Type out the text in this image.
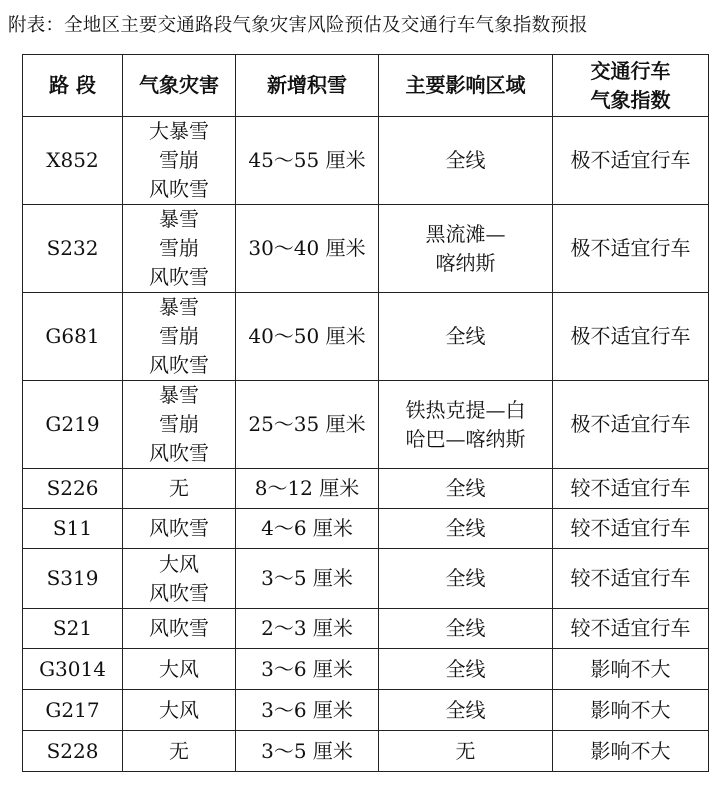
附表：全地区主要交通路段气象灾害风险预估及交通行车气象指数预报
路 段	气象灾害	新增积雪	主要影响区域	交通行车
气象指数

X852	大暴雪
雪崩
风吹雪	45～55 厘米	全线	极不适宜行车
S232	暴雪
雪崩
风吹雪	30～40 厘米	黑流滩—
喀纳斯	极不适宜行车
G681	暴雪
雪崩
风吹雪	40～50 厘米	全线	极不适宜行车
G219	暴雪
雪崩
风吹雪	25～35 厘米	铁热克提—白
哈巴—喀纳斯	极不适宜行车
S226	无	8～12 厘米	全线	较不适宜行车
S11	风吹雪	4～6 厘米	全线	较不适宜行车
S319	大风
风吹雪	3～5 厘米	全线	较不适宜行车
S21	风吹雪	2～3 厘米	全线	较不适宜行车
G3014	大风	3～6 厘米	全线	影响不大
G217	大风	3～6 厘米	全线	影响不大
S228	无	3～5 厘米	无	影响不大
